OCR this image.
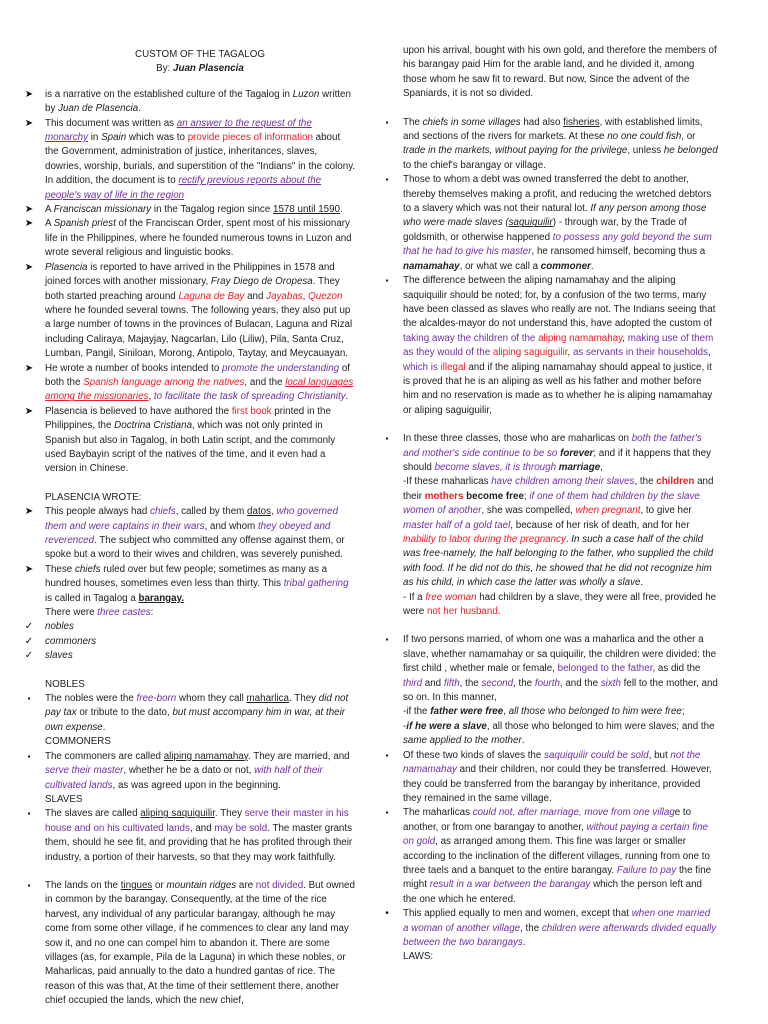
CUSTOM OF THE TAGALOG
By: Juan Plasencia
➤ is a narrative on the established culture of the Tagalog in Luzon written by Juan de Plasencia.
➤ This document was written as an answer to the request of the monarchy in Spain which was to provide pieces of information about the Government, administration of justice, inheritances, slaves, dowries, worship, burials, and superstition of the "Indians" in the colony. In addition, the document is to rectify previous reports about the people's way of life in the region
➤ A Franciscan missionary in the Tagalog region since 1578 until 1590.
➤ A Spanish priest of the Franciscan Order, spent most of his missionary life in the Philippines, where he founded numerous towns in Luzon and wrote several religious and linguistic books.
➤ Plasencia is reported to have arrived in the Philippines in 1578 and joined forces with another missionary, Fray Diego de Oropesa. They both started preaching around Laguna de Bay and Jayabas, Quezon where he founded several towns. The following years, they also put up a large number of towns in the provinces of Bulacan, Laguna and Rizal including Caliraya, Majayjay, Nagcarlan, Lilo (Liliw), Pila, Santa Cruz, Lumban, Pangil, Siniloan, Morong, Antipolo, Taytay, and Meycauayan.
➤ He wrote a number of books intended to promote the understanding of both the Spanish language among the natives, and the local languages among the missionaries, to facilitate the task of spreading Christianity.
➤ Plasencia is believed to have authored the first book printed in the Philippines, the Doctrina Cristiana, which was not only printed in Spanish but also in Tagalog, in both Latin script, and the commonly used Baybayin script of the natives of the time, and it even had a version in Chinese.
PLASENCIA WROTE:
➤ This people always had chiefs, called by them datos, who governed them and were captains in their wars, and whom they obeyed and reverenced. The subject who committed any offense against them, or spoke but a word to their wives and children, was severely punished.
➤ These chiefs ruled over but few people; sometimes as many as a hundred houses, sometimes even less than thirty. This tribal gathering is called in Tagalog a barangay.
There were three castes:
✓ nobles
✓ commoners
✓ slaves
NOBLES
▪	The nobles were the free-born whom they call maharlica. They did not pay tax or tribute to the dato, but must accompany him in war, at their own expense.
COMMONERS
▪	The commoners are called aliping namamahay. They are married, and serve their master, whether he be a dato or not, with half of their cultivated lands, as was agreed upon in the beginning.
SLAVES
▪	The slaves are called aliping saquiguilir. They serve their master in his house and on his cultivated lands, and may be sold. The master grants them, should he see fit, and providing that he has profited through their industry, a portion of their harvests, so that they may work faithfully.
▪	The lands on the tingues or mountain ridges are not divided. But owned in common by the barangay. Consequently, at the time of the rice harvest, any individual of any particular barangay, although he may come from some other village, if he commences to clear any land may sow it, and no one can compel him to abandon it. There are some villages (as, for example, Pila de la Laguna) in which these nobles, or Maharlicas, paid annually to the dato a hundred gantas of rice. The reason of this was that, At the time of their settlement there, another chief occupied the lands, which the new chief,
upon his arrival, bought with his own gold, and therefore the members of his barangay paid Him for the arable land, and he divided it, among those whom he saw fit to reward. But now, Since the advent of the Spaniards, it is not so divided.
▪	The chiefs in some villages had also fisheries, with established limits, and sections of the rivers for markets. At these no one could fish, or trade in the markets, without paying for the privilege, unless he belonged to the chief's barangay or village.
▪	Those to whom a debt was owned transferred the debt to another, thereby themselves making a profit, and reducing the wretched debtors to a slavery which was not their natural lot. If any person among those who were made slaves (saguiguilir) - through war, by the Trade of goldsmith, or otherwise happened to possess any gold beyond the sum that he had to give his master, he ransomed himself, becoming thus a namamahay, or what we call a commoner.
▪	The difference between the aliping namamahay and the aliping saquiquilir should be noted; for, by a confusion of the two terms, many have been classed as slaves who really are not. The Indians seeing that the alcaldes-mayor do not understand this, have adopted the custom of taking away the children of the aliping namamahay, making use of them as they would of the aliping saguiguilir, as servants in their households, which is illegal and if the aliping namamahay should appeal to justice, it is proved that he is an aliping as well as his father and mother before him and no reservation is made as to whether he is aliping namamahay or aliping saguiguilir,
▪	In these three classes, those who are maharlicas on both the father's and mother's side continue to be so forever; and if it happens that they should become slaves, it is through marriage,
-If these maharlicas have children among their slaves, the children and their mothers become free; if one of them had children by the slave women of another, she was compelled, when pregnant, to give her master half of a gold tael, because of her risk of death, and for her inability to labor during the pregnancy. In such a case half of the child was free-namely, the half belonging to the father, who supplied the child with food. If he did not do this, he showed that he did not recognize him as his child, in which case the latter was wholly a slave.
- If a free woman had children by a slave, they were all free, provided he were not her husband.
▪	If two persons married, of whom one was a maharlica and the other a slave, whether namamahay or sa quiquilir, the children were divided: the first child , whether male or female, belonged to the father, as did the third and fifth, the second, the fourth, and the sixth fell to the mother, and so on. In this manner,
-if the father were free, all those who belonged to him were free;
-if he were a slave, all those who belonged to him were slaves; and the same applied to the mother.
▪	Of these two kinds of slaves the saquiquilir could be sold, but not the namamahay and their children, nor could they be transferred. However, they could be transferred from the barangay by inheritance, provided they remained in the same village.
▪	The maharlicas could not, after marriage, move from one village to another, or from one barangay to another, without paying a certain fine on gold, as arranged among them. This fine was larger or smaller according to the inclination of the different villages, running from one to three taels and a banquet to the entire barangay. Failure to pay the fine might result in a war between the barangay which the person left and the one which he entered.
•	This applied equally to men and women, except that when one married a woman of another village, the children were afterwards divided equally between the two barangays.
LAWS:
